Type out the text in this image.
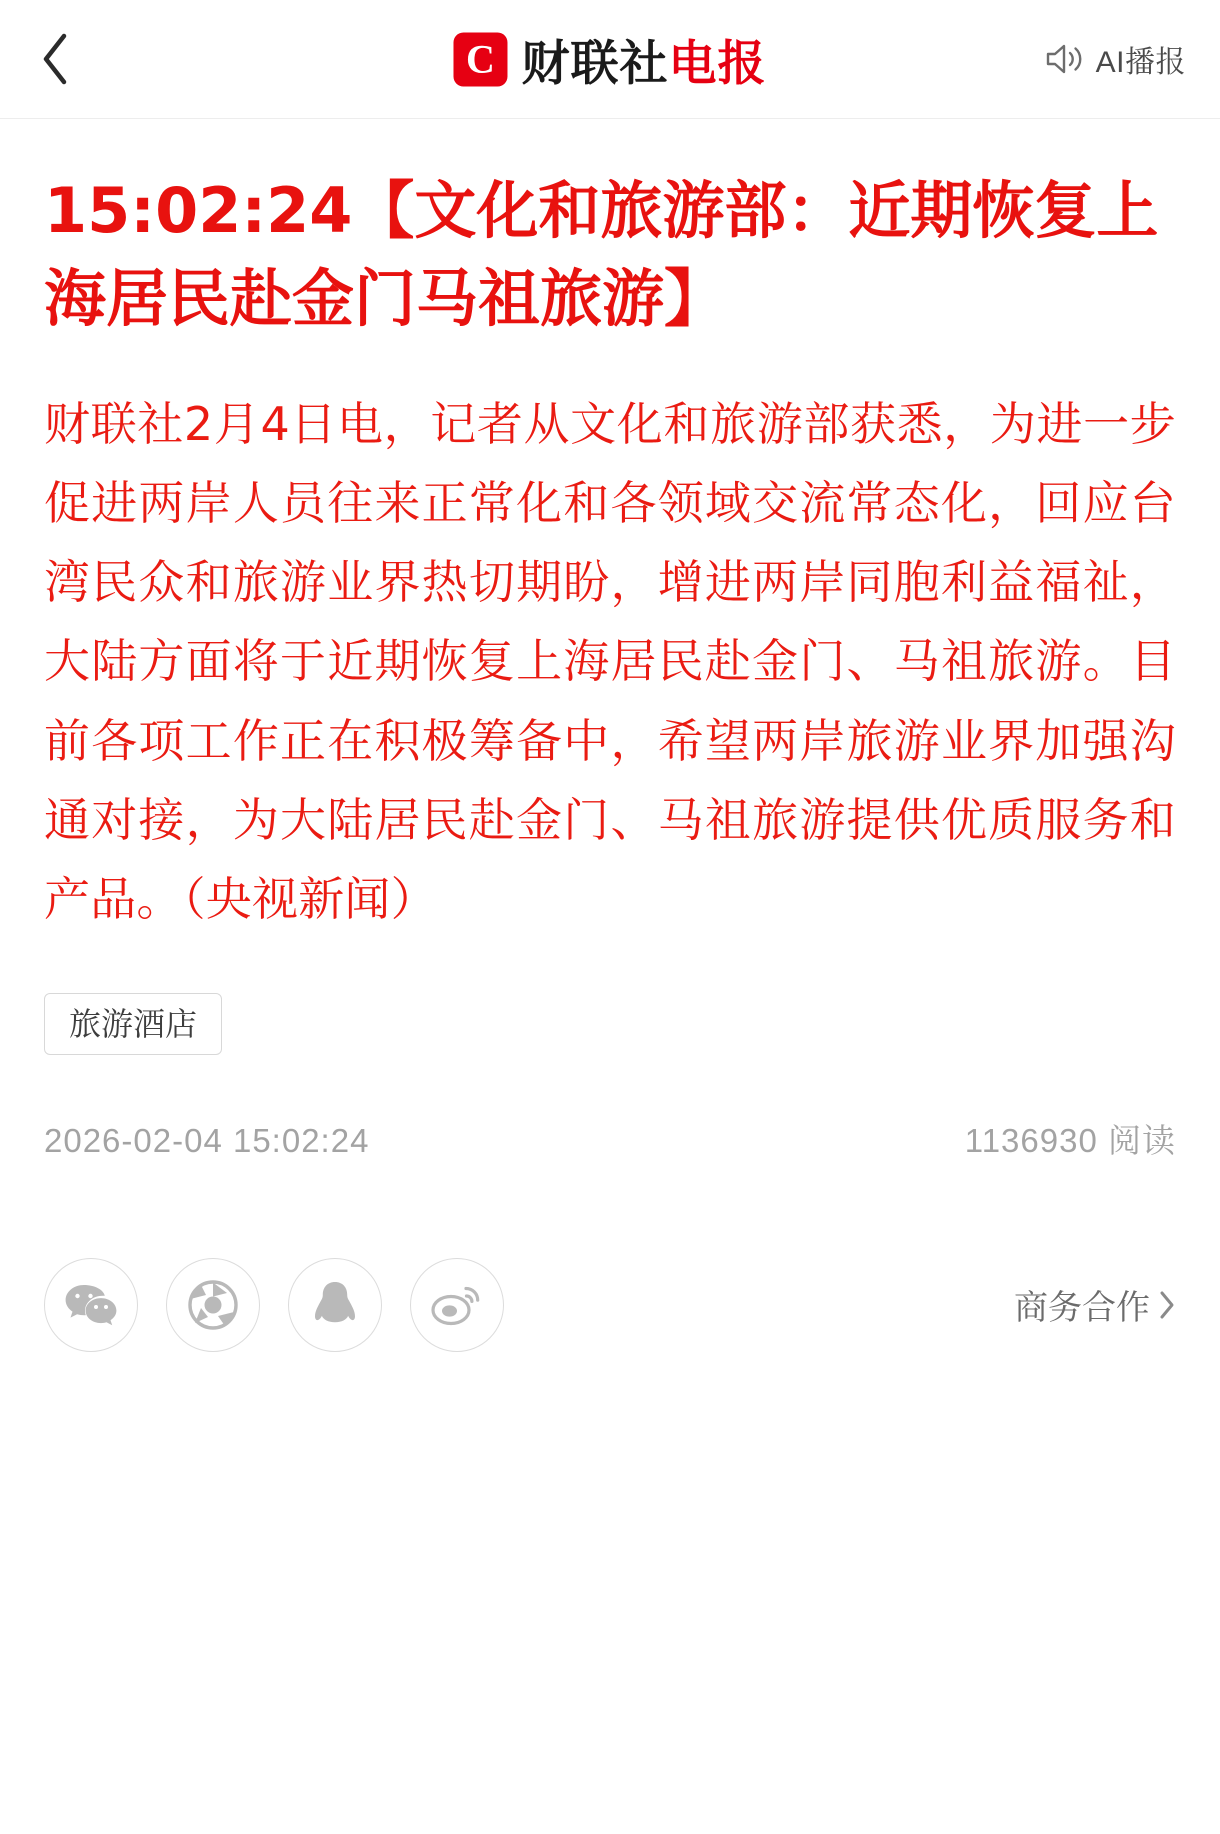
C 财联社电报	AI播报
15:02:24【文化和旅游部：近期恢复上海居民赴金门马祖旅游】

财联社2月4日电，记者从文化和旅游部获悉，为进一步促进两岸人员往来正常化和各领域交流常态化，回应台湾民众和旅游业界热切期盼，增进两岸同胞利益福祉，大陆方面将于近期恢复上海居民赴金门、马祖旅游。目前各项工作正在积极筹备中，希望两岸旅游业界加强沟通对接，为大陆居民赴金门、马祖旅游提供优质服务和产品。（央视新闻）

旅游酒店
2026-02-04 15:02:24	1136930 阅读
商务合作
